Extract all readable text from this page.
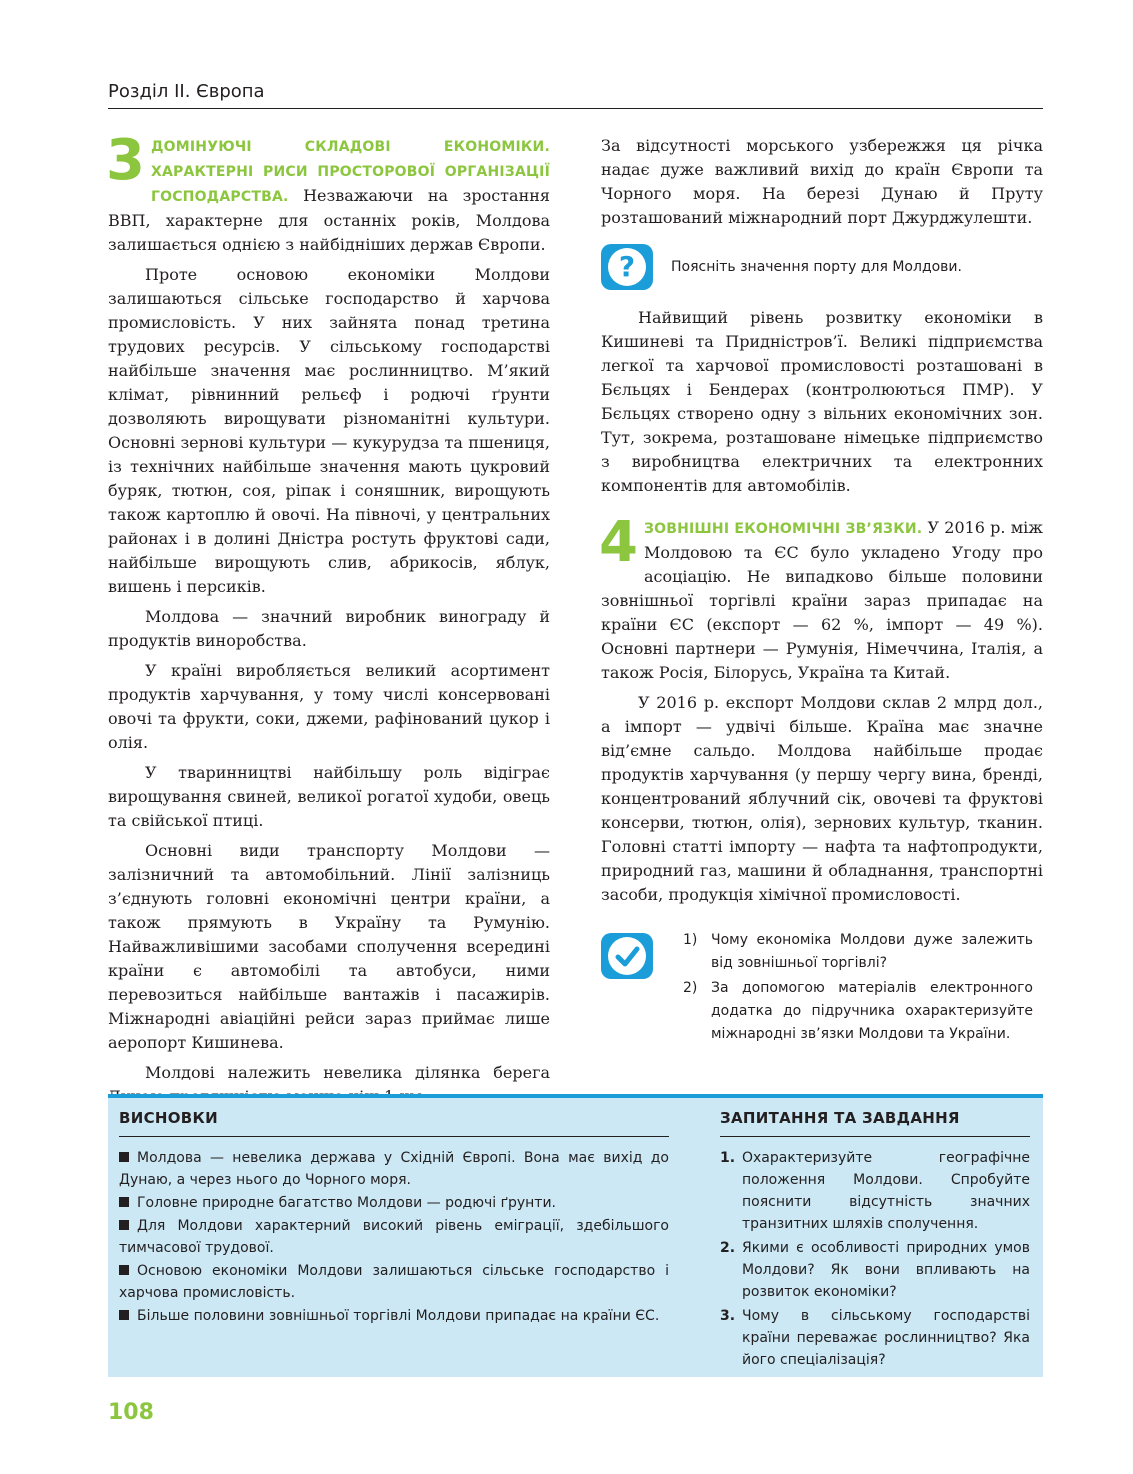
Розділ II. Європа
3 ДОМІНУЮЧІ СКЛАДОВІ ЕКОНОМІКИ. ХАРАКТЕРНІ РИСИ ПРОСТОРОВОЇ ОРГАНІЗАЦІЇ ГОСПОДАРСТВА. Незважаючи на зростання ВВП, характерне для останніх років, Молдова залишається однією з найбідніших держав Європи.

Проте основою економіки Молдови залишаються сільське господарство й харчова промисловість. У них зайнята понад третина трудових ресурсів. У сільському господарстві найбільше значення має рослинництво. М’який клімат, рівнинний рельєф і родючі ґрунти дозволяють вирощувати різноманітні культури. Основні зернові культури — кукурудза та пшениця, із технічних найбільше значення мають цукровий буряк, тютюн, соя, ріпак і соняшник, вирощують також картоплю й овочі. На півночі, у центральних районах і в долині Дністра ростуть фруктові сади, найбільше вирощують слив, абрикосів, яблук, вишень і персиків.

Молдова — значний виробник винограду й продуктів виноробства.

У країні виробляється великий асортимент продуктів харчування, у тому числі консервовані овочі та фрукти, соки, джеми, рафінований цукор і олія.

У тваринництві найбільшу роль відіграє вирощування свиней, великої рогатої худоби, овець та свійської птиці.

Основні види транспорту Молдови — залізничний та автомобільний. Лінії залізниць з’єднують головні економічні центри країни, а також прямують в Україну та Румунію. Найважливішими засобами сполучення всередині країни є автомобілі та автобуси, ними перевозиться найбільше вантажів і пасажирів. Міжнародні авіаційні рейси зараз приймає лише аеропорт Кишинева.

Молдові належить невелика ділянка берега

За відсутності морського узбережжя ця річка надає дуже важливий вихід до країн Європи та Чорного моря. На березі Дунаю й Пруту розташований міжнародний порт Джурджулешти.

?	Поясніть значення порту для Молдови.

Найвищий рівень розвитку економіки в Кишиневі та Придністров’ї. Великі підприємства легкої та харчової промисловості розташовані в Бєльцях і Бендерах (контролюються ПМР). У Бєльцях створено одну з вільних економічних зон. Тут, зокрема, розташоване німецьке підприємство з виробництва електричних та електронних компонентів для автомобілів.

4 ЗОВНІШНІ ЕКОНОМІЧНІ ЗВ’ЯЗКИ. У 2016 р. між Молдовою та ЄС було укладено Угоду про асоціацію. Не випадково більше половини зовнішньої торгівлі країни зараз припадає на країни ЄС (експорт — 62 %, імпорт — 49 %). Основні партнери — Румунія, Німеччина, Італія, а також Росія, Білорусь, Україна та Китай.

У 2016 р. експорт Молдови склав 2 млрд дол., а імпорт — удвічі більше. Країна має значне від’ємне сальдо. Молдова найбільше продає продуктів харчування (у першу чергу вина, бренді, концентрований яблучний сік, овочеві та фруктові консерви, тютюн, олія), зернових культур, тканин. Головні статті імпорту — нафта та нафтопродукти, природний газ, машини й обладнання, транспортні засоби, продукція хімічної промисловості.

1) Чому економіка Молдови дуже залежить від зовнішньої торгівлі?
2) За допомогою матеріалів електронного додатка до підручника охарактеризуйте міжнародні зв’язки Молдови та України.
ВИСНОВКИ
Молдова — невелика держава у Східній Європі. Вона має вихід до Дунаю, а через нього до Чорного моря.
Головне природне багатство Молдови — родючі ґрунти.
Для Молдови характерний високий рівень еміграції, здебільшого тимчасової трудової.
Основою економіки Молдови залишаються сільське господарство і харчова промисловість.
Більше половини зовнішньої торгівлі Молдови припадає на країни ЄС.
ЗАПИТАННЯ ТА ЗАВДАННЯ
1. Охарактеризуйте географічне положення Молдови. Спробуйте пояснити відсутність значних транзитних шляхів сполучення.
2. Якими є особливості природних умов Молдови? Як вони впливають на розвиток економіки?
3. Чому в сільському господарстві країни переважає рослинництво? Яка його спеціалізація?
108
